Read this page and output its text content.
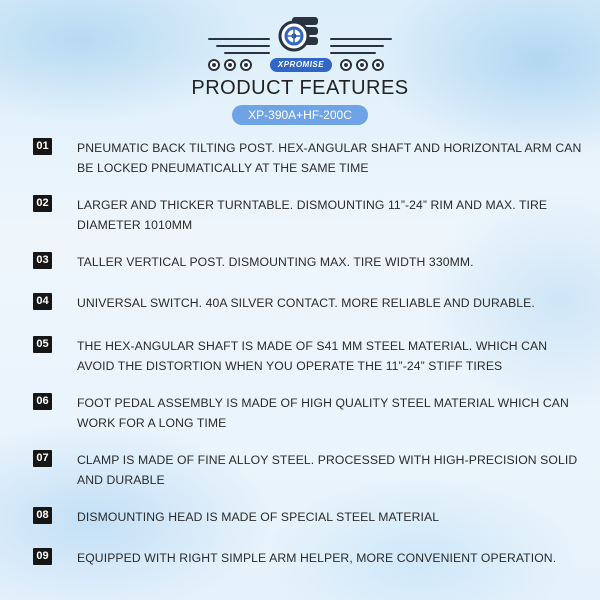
XPROMISE
PRODUCT FEATURES
XP-390A+HF-200C
01 PNEUMATIC BACK TILTING POST. HEX-ANGULAR SHAFT AND HORIZONTAL ARM CAN BE LOCKED PNEUMATICALLY AT THE SAME TIME
02 LARGER AND THICKER TURNTABLE. DISMOUNTING 11”-24” RIM AND MAX. TIRE DIAMETER 1010MM
03 TALLER VERTICAL POST. DISMOUNTING MAX. TIRE WIDTH 330MM.
04 UNIVERSAL SWITCH. 40A SILVER CONTACT. MORE RELIABLE AND DURABLE.
05 THE HEX-ANGULAR SHAFT IS MADE OF S41 MM STEEL MATERIAL. WHICH CAN AVOID THE DISTORTION WHEN YOU OPERATE THE 11”-24” STIFF TIRES
06 FOOT PEDAL ASSEMBLY IS MADE OF HIGH QUALITY STEEL MATERIAL WHICH CAN WORK FOR A LONG TIME
07 CLAMP IS MADE OF FINE ALLOY STEEL. PROCESSED WITH HIGH-PRECISION SOLID AND DURABLE
08 DISMOUNTING HEAD IS MADE OF SPECIAL STEEL MATERIAL
09 EQUIPPED WITH RIGHT SIMPLE ARM HELPER, MORE CONVENIENT OPERATION.
